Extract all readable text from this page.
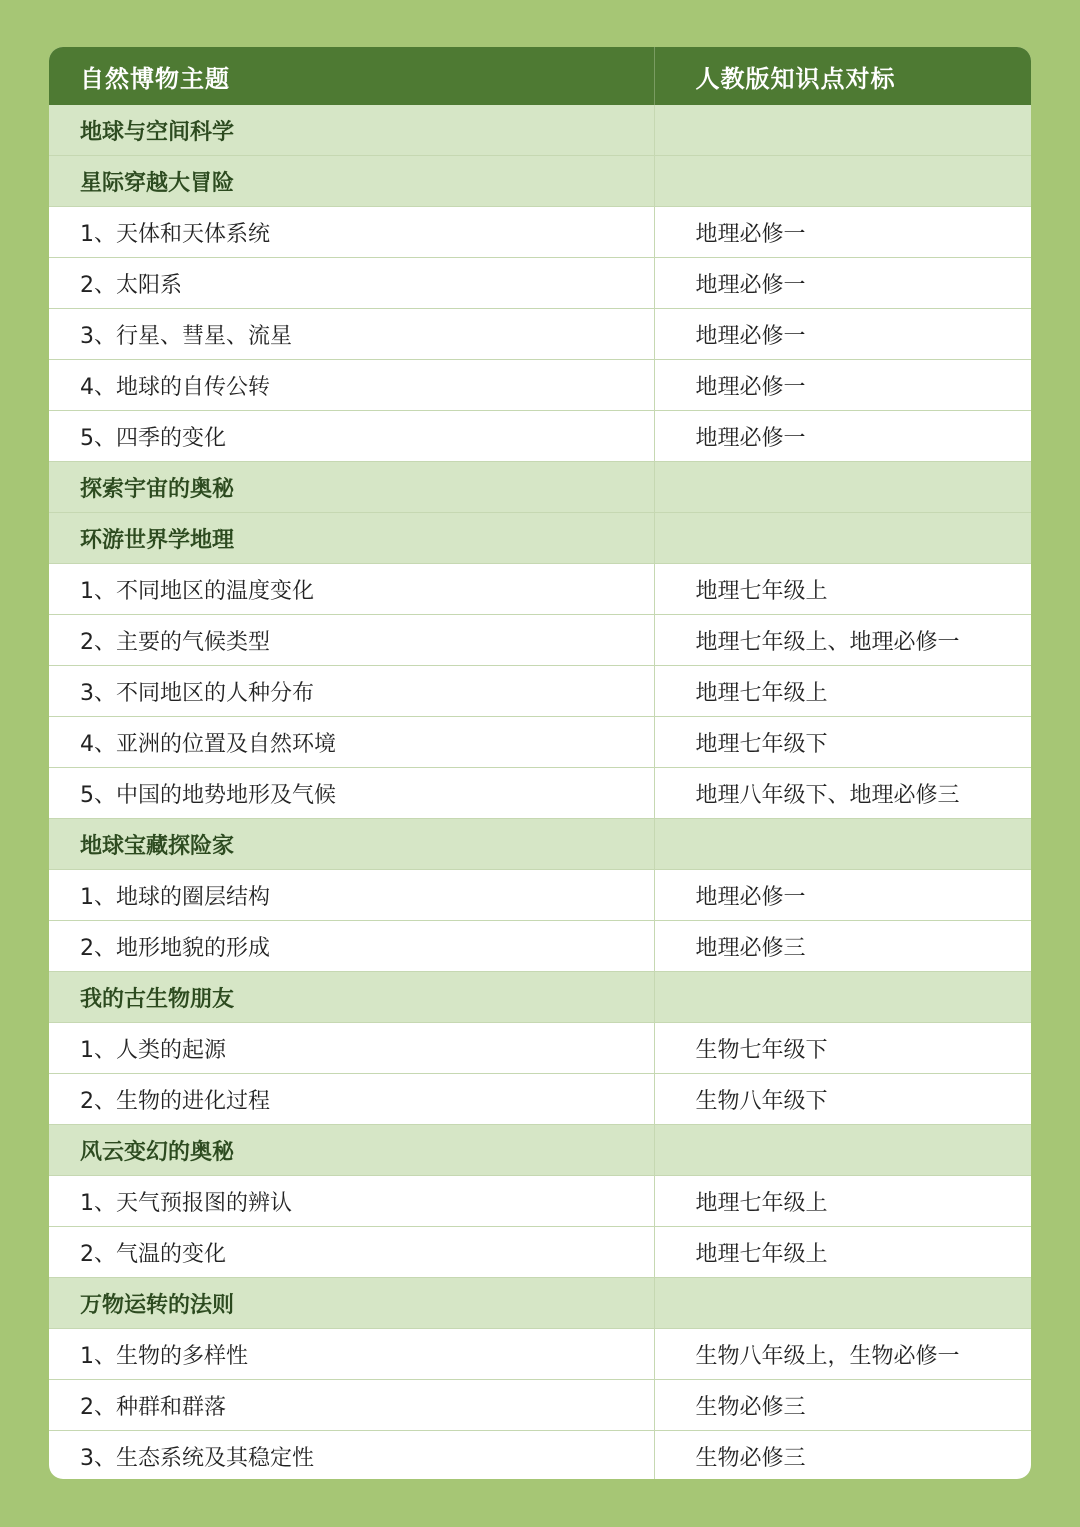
自然博物主题	人教版知识点对标
地球与空间科学	
星际穿越大冒险	
1、天体和天体系统	地理必修一
2、太阳系	地理必修一
3、行星、彗星、流星	地理必修一
4、地球的自传公转	地理必修一
5、四季的变化	地理必修一
探索宇宙的奥秘	
环游世界学地理	
1、不同地区的温度变化	地理七年级上
2、主要的气候类型	地理七年级上、地理必修一
3、不同地区的人种分布	地理七年级上
4、亚洲的位置及自然环境	地理七年级下
5、中国的地势地形及气候	地理八年级下、地理必修三
地球宝藏探险家	
1、地球的圈层结构	地理必修一
2、地形地貌的形成	地理必修三
我的古生物朋友	
1、人类的起源	生物七年级下
2、生物的进化过程	生物八年级下
风云变幻的奥秘	
1、天气预报图的辨认	地理七年级上
2、气温的变化	地理七年级上
万物运转的法则	
1、生物的多样性	生物八年级上，生物必修一
2、种群和群落	生物必修三
3、生态系统及其稳定性	生物必修三
